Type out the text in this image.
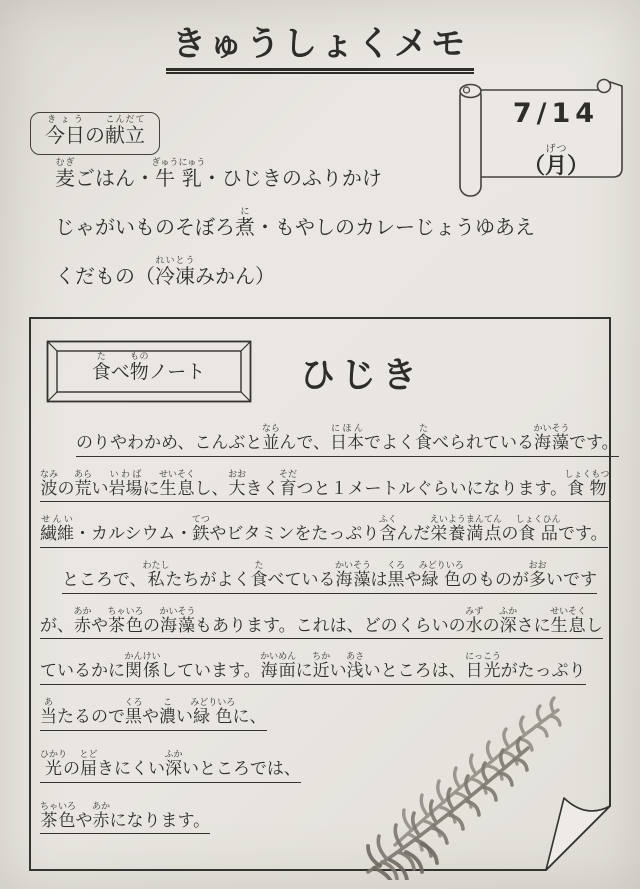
きゅうしょくメモ
7/14
（月げつ）
今日きょうの献立こんだて
麦むぎごはん・牛乳ぎゅうにゅう・ひじきのふりかけ
じゃがいものそぼろ煮に・もやしのカレーじょうゆあえ
くだもの（冷凍れいとうみかん）
食たべ物ものノート	ひじき
のりやわかめ、こんぶと並ならんで、日本にほんでよく食たべられている海藻かいそうです。
波なみの荒あらい岩場いわばに生息せいそくし、大おおきく育そだつと１メートルぐらいになります。食物しょくもつ
繊維せんい・カルシウム・鉄てつやビタミンをたっぷり含ふくんだ栄養満点えいようまんてんの食品しょくひんです。
ところで、私わたしたちがよく食たべている海藻かいそうは黒くろや緑色みどりいろのものが多おおいです
が、赤あかや茶色ちゃいろの海藻かいそうもあります。これは、どのくらいの水みずの深ふかさに生息せいそくし
ているかに関係かんけいしています。海面かいめんに近ちかい浅あさいところは、日光にっこうがたっぷり
当あたるので黒くろや濃こい緑色みどりいろに、
光ひかりの届とどきにくい深ふかいところでは、
茶色ちゃいろや赤あかになります。
